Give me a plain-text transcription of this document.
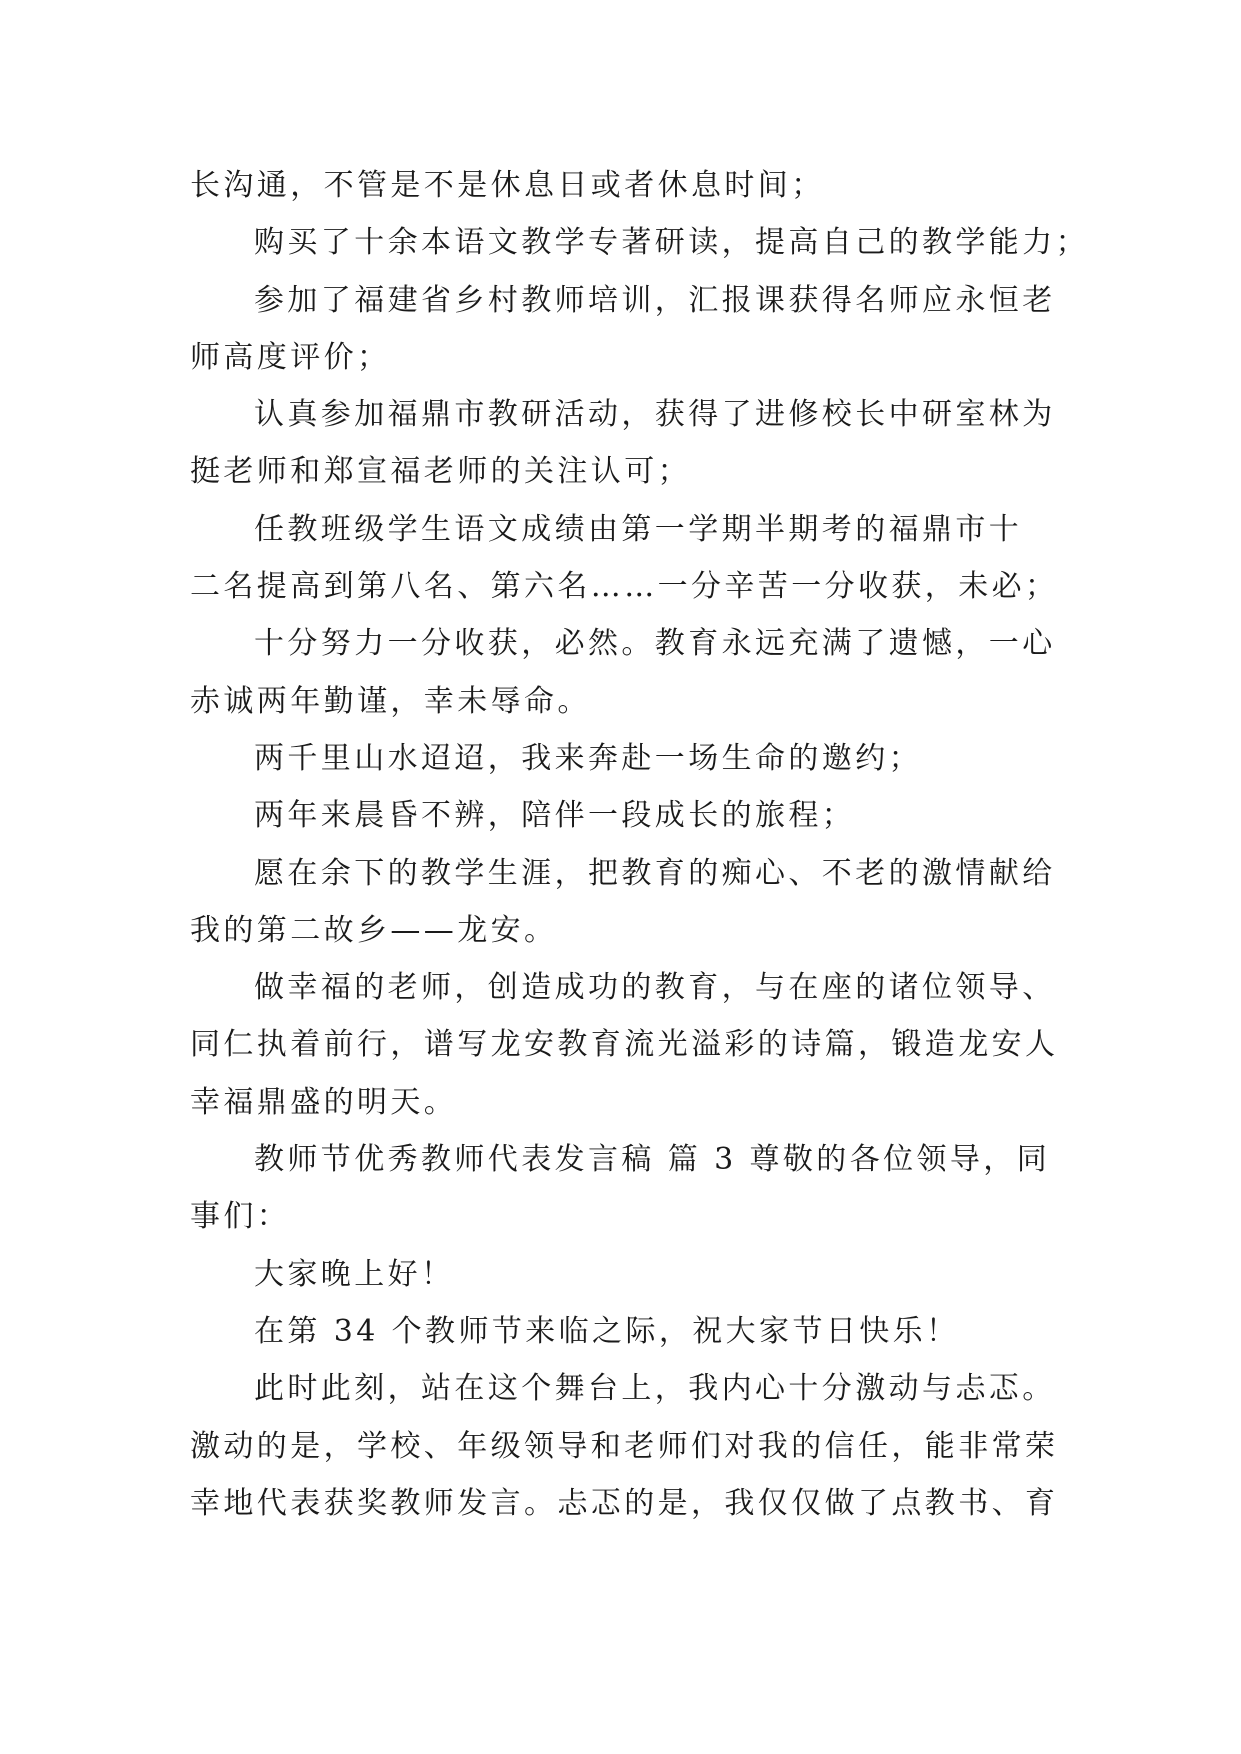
长沟通，不管是不是休息日或者休息时间；
购买了十余本语文教学专著研读，提高自己的教学能力；
参加了福建省乡村教师培训，汇报课获得名师应永恒老
师高度评价；
认真参加福鼎市教研活动，获得了进修校长中研室林为
挺老师和郑宣福老师的关注认可；
任教班级学生语文成绩由第一学期半期考的福鼎市十
二名提高到第八名、第六名……一分辛苦一分收获，未必；
十分努力一分收获，必然。教育永远充满了遗憾，一心
赤诚两年勤谨，幸未辱命。
两千里山水迢迢，我来奔赴一场生命的邀约；
两年来晨昏不辨，陪伴一段成长的旅程；
愿在余下的教学生涯，把教育的痴心、不老的激情献给
我的第二故乡——龙安。
做幸福的老师，创造成功的教育，与在座的诸位领导、
同仁执着前行，谱写龙安教育流光溢彩的诗篇，锻造龙安人
幸福鼎盛的明天。
教师节优秀教师代表发言稿 篇 3 尊敬的各位领导，同
事们：
大家晚上好！
在第 34 个教师节来临之际，祝大家节日快乐！
此时此刻，站在这个舞台上，我内心十分激动与忐忑。
激动的是，学校、年级领导和老师们对我的信任，能非常荣
幸地代表获奖教师发言。忐忑的是，我仅仅做了点教书、育
